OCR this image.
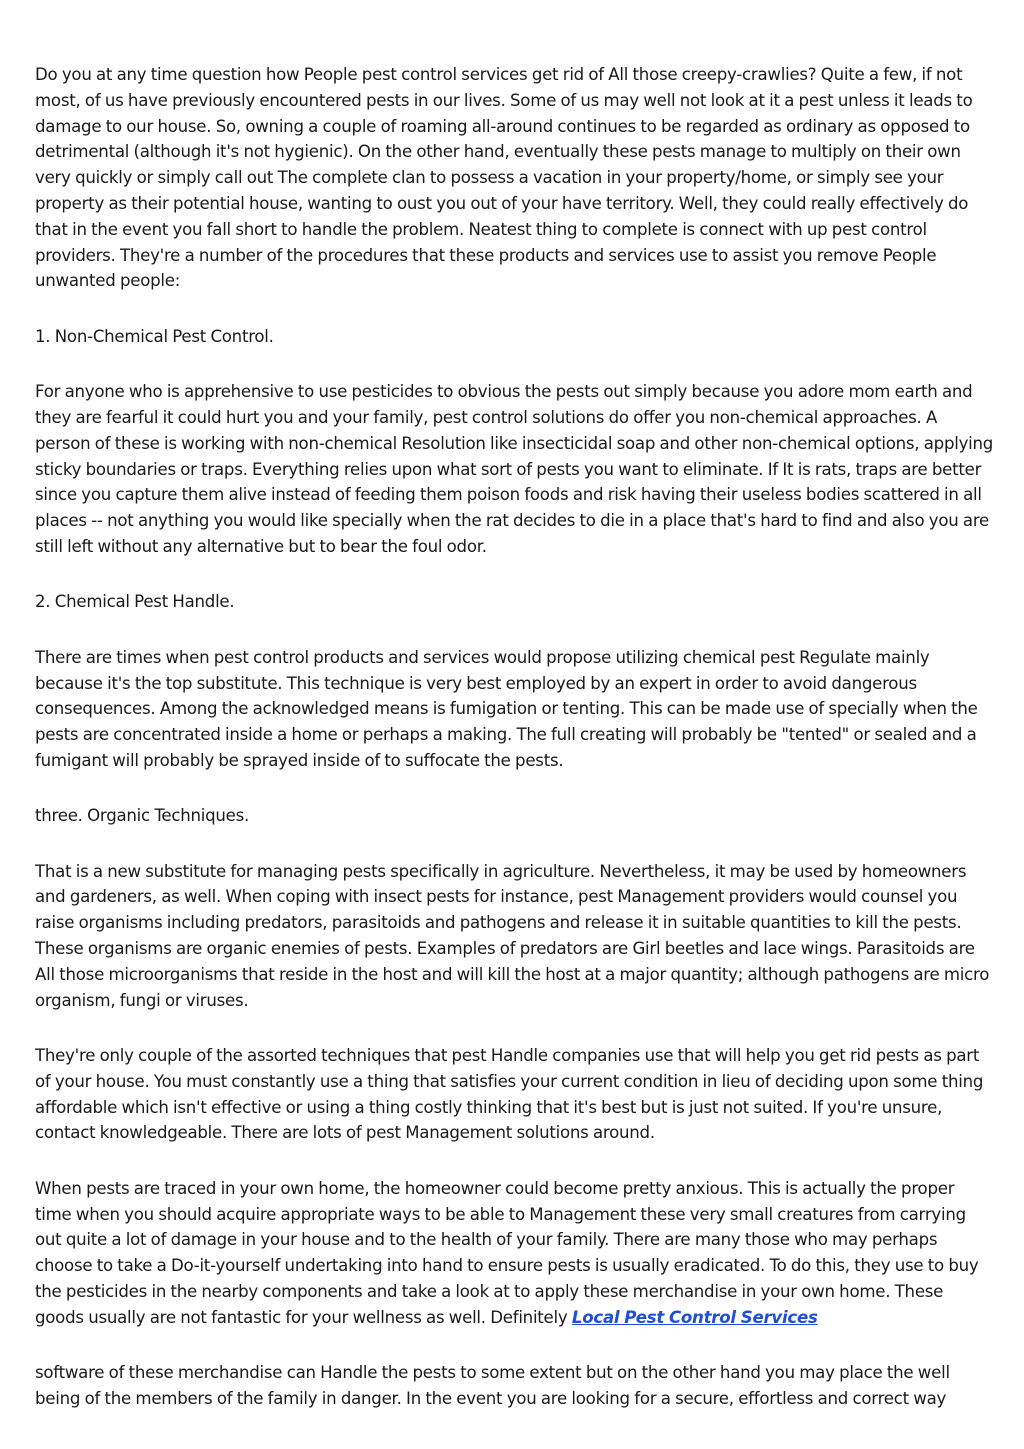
Do you at any time question how People pest control services get rid of All those creepy-crawlies? Quite a few, if not most, of us have previously encountered pests in our lives. Some of us may well not look at it a pest unless it leads to damage to our house. So, owning a couple of roaming all-around continues to be regarded as ordinary as opposed to detrimental (although it's not hygienic). On the other hand, eventually these pests manage to multiply on their own very quickly or simply call out The complete clan to possess a vacation in your property/home, or simply see your property as their potential house, wanting to oust you out of your have territory. Well, they could really effectively do that in the event you fall short to handle the problem. Neatest thing to complete is connect with up pest control providers. They're a number of the procedures that these products and services use to assist you remove People unwanted people:

1. Non-Chemical Pest Control.

For anyone who is apprehensive to use pesticides to obvious the pests out simply because you adore mom earth and they are fearful it could hurt you and your family, pest control solutions do offer you non-chemical approaches. A person of these is working with non-chemical Resolution like insecticidal soap and other non-chemical options, applying sticky boundaries or traps. Everything relies upon what sort of pests you want to eliminate. If It is rats, traps are better since you capture them alive instead of feeding them poison foods and risk having their useless bodies scattered in all places -- not anything you would like specially when the rat decides to die in a place that's hard to find and also you are still left without any alternative but to bear the foul odor.

2. Chemical Pest Handle.

There are times when pest control products and services would propose utilizing chemical pest Regulate mainly because it's the top substitute. This technique is very best employed by an expert in order to avoid dangerous consequences. Among the acknowledged means is fumigation or tenting. This can be made use of specially when the pests are concentrated inside a home or perhaps a making. The full creating will probably be "tented" or sealed and a fumigant will probably be sprayed inside of to suffocate the pests.

three. Organic Techniques.

That is a new substitute for managing pests specifically in agriculture. Nevertheless, it may be used by homeowners and gardeners, as well. When coping with insect pests for instance, pest Management providers would counsel you raise organisms including predators, parasitoids and pathogens and release it in suitable quantities to kill the pests. These organisms are organic enemies of pests. Examples of predators are Girl beetles and lace wings. Parasitoids are All those microorganisms that reside in the host and will kill the host at a major quantity; although pathogens are micro organism, fungi or viruses.

They're only couple of the assorted techniques that pest Handle companies use that will help you get rid pests as part of your house. You must constantly use a thing that satisfies your current condition in lieu of deciding upon some thing affordable which isn't effective or using a thing costly thinking that it's best but is just not suited. If you're unsure, contact knowledgeable. There are lots of pest Management solutions around.

When pests are traced in your own home, the homeowner could become pretty anxious. This is actually the proper time when you should acquire appropriate ways to be able to Management these very small creatures from carrying out quite a lot of damage in your house and to the health of your family. There are many those who may perhaps choose to take a Do-it-yourself undertaking into hand to ensure pests is usually eradicated. To do this, they use to buy the pesticides in the nearby components and take a look at to apply these merchandise in your own home. These goods usually are not fantastic for your wellness as well. Definitely Local Pest Control Services

software of these merchandise can Handle the pests to some extent but on the other hand you may place the well being of the members of the family in danger. In the event you are looking for a secure, effortless and correct way
